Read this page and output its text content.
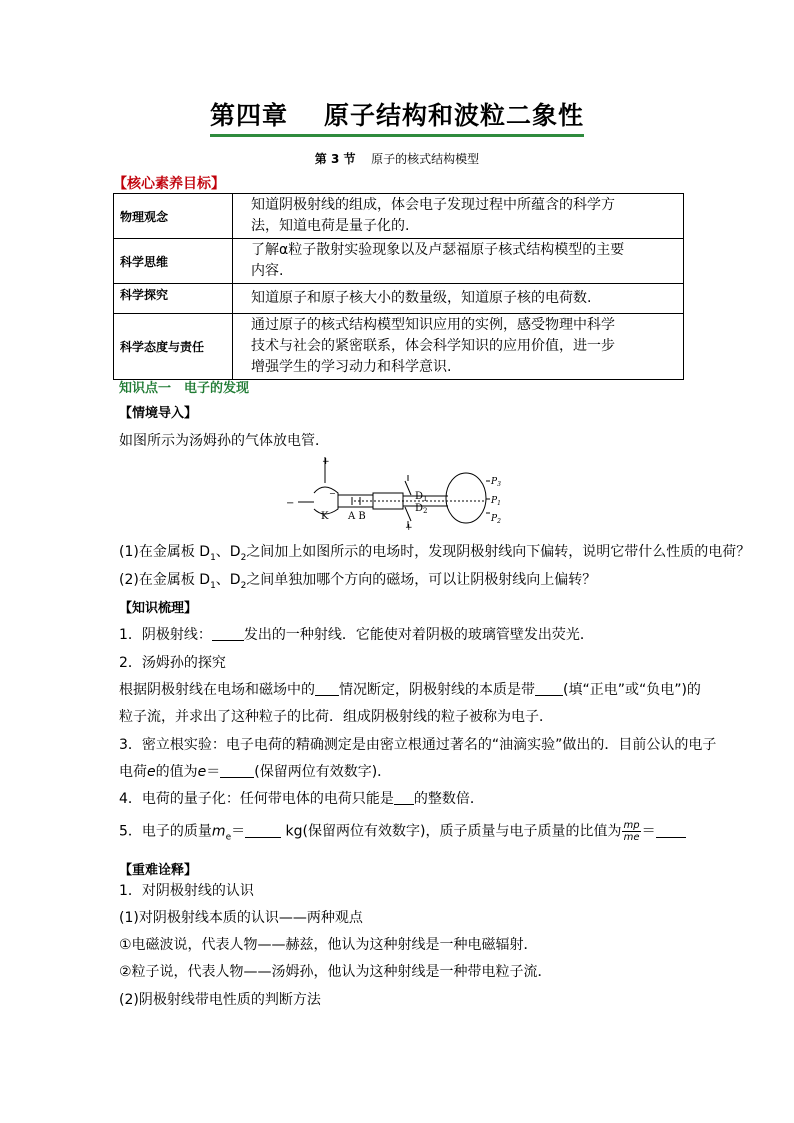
第四章 原子结构和波粒二象性
第 3 节 原子的核式结构模型
【核心素养目标】
物理观念	知道阴极射线的组成，体会电子发现过程中所蕴含的科学方
法，知道电荷是量子化的.

科学思维	了解α粒子散射实验现象以及卢瑟福原子核式结构模型的主要
内容.

科学探究	知道原子和原子核大小的数量级，知道原子核的电荷数.

科学态度与责任	通过原子的核式结构模型知识应用的实例，感受物理中科学
技术与社会的紧密联系，体会科学知识的应用价值，进一步
增强学生的学习动力和科学意识.
知识点一　电子的发现
【情境导入】
如图所示为汤姆孙的气体放电管．
+
−
−
K A B
$D_1$
$D_2$
$P_3$
$P_1$
$P_2$
+
(1)在金属板 $D_1$、$D_2$之间加上如图所示的电场时，发现阴极射线向下偏转，说明它带什么性质的电荷？
(2)在金属板 $D_1$、$D_2$之间单独加哪个方向的磁场，可以让阴极射线向上偏转？
【知识梳理】
1．阴极射线： 发出的一种射线．它能使对着阴极的玻璃管壁发出荧光．
2．汤姆孙的探究
根据阴极射线在电场和磁场中的 情况断定，阴极射线的本质是带 (填“正电”或“负电”)的
粒子流，并求出了这种粒子的比荷．组成阴极射线的粒子被称为电子．
3．密立根实验：电子电荷的精确测定是由密立根通过著名的“油滴实验”做出的．目前公认的电子
电荷e的值为e＝ (保留两位有效数字)．
4．电荷的量子化：任何带电体的电荷只能是 的整数倍．
5．电子的质量$m_e=$	kg(保留两位有效数字)，质子质量与电子质量的比值为 $\frac{mp}{me}$ ＝
【重难诠释】
1．对阴极射线的认识
(1)对阴极射线本质的认识——两种观点
①电磁波说，代表人物——赫兹，他认为这种射线是一种电磁辐射．
②粒子说，代表人物——汤姆孙，他认为这种射线是一种带电粒子流．
(2)阴极射线带电性质的判断方法
